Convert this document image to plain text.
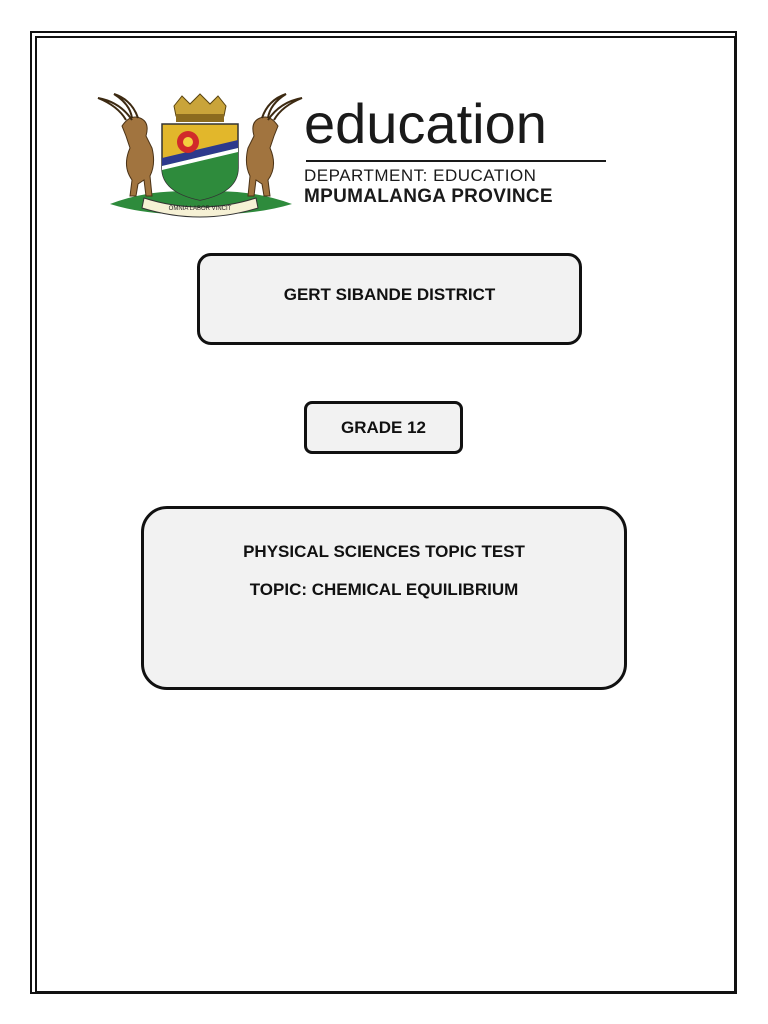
OMNIA LABOR VINCIT
education
DEPARTMENT: EDUCATION
MPUMALANGA PROVINCE
GERT SIBANDE DISTRICT
GRADE 12
PHYSICAL SCIENCES TOPIC TEST
TOPIC: CHEMICAL EQUILIBRIUM
